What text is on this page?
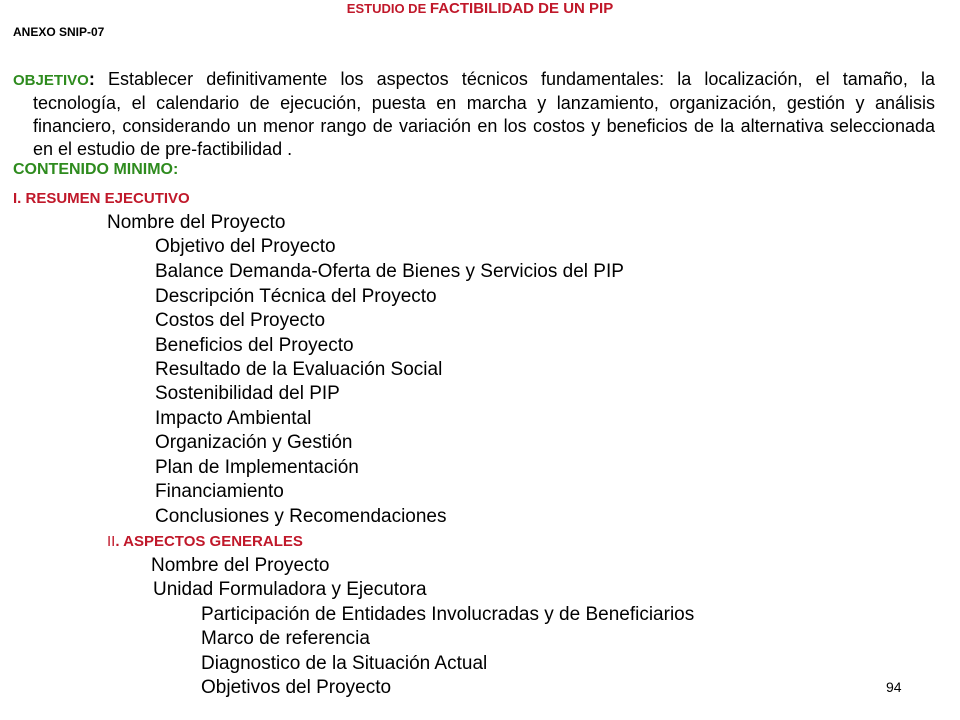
ANEXO SNIP-07
ESTUDIO DE FACTIBILIDAD DE UN PIP
OBJETIVO: Establecer definitivamente los aspectos técnicos fundamentales: la localización, el tamaño, la tecnología, el calendario de ejecución, puesta en marcha y lanzamiento, organización, gestión y análisis financiero, considerando un menor rango de variación en los costos y beneficios de la alternativa seleccionada en el estudio de pre-factibilidad .
CONTENIDO MINIMO:
I. RESUMEN EJECUTIVO
Nombre del Proyecto
Objetivo del Proyecto
Balance Demanda-Oferta de Bienes y Servicios del PIP
Descripción Técnica del Proyecto
Costos del Proyecto
Beneficios del Proyecto
Resultado de la Evaluación Social
Sostenibilidad del PIP
Impacto Ambiental
Organización y Gestión
Plan de Implementación
Financiamiento
Conclusiones y Recomendaciones
II. ASPECTOS GENERALES
Nombre del Proyecto
Unidad Formuladora y Ejecutora
Participación de Entidades Involucradas y de Beneficiarios
Marco de referencia
Diagnostico de la Situación Actual
Objetivos del Proyecto	94
